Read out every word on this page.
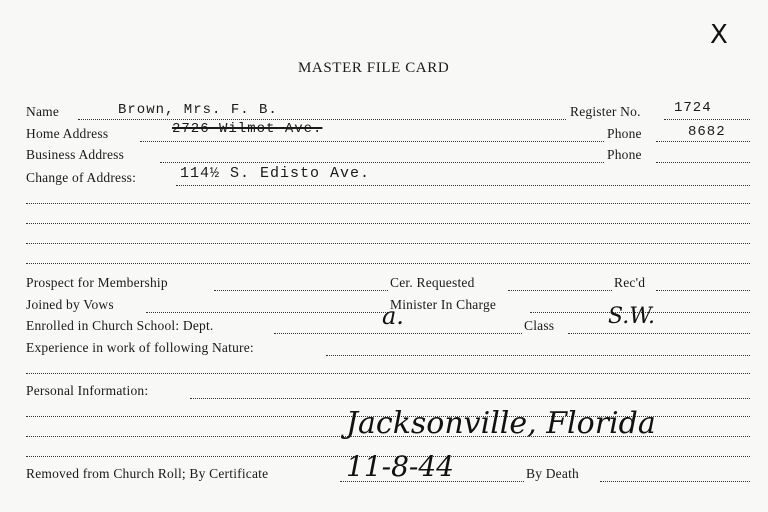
X
MASTER FILE CARD
Name	Brown, Mrs. F. B.	Register No. 1724
Home Address	2726 Wilmot Ave.	Phone	8682
Business Address	Phone
Change of Address:	114½ S. Edisto Ave.
Prospect for Membership	Cer. Requested	Rec'd
Joined by Vows	Minister In Charge
Enrolled in Church School: Dept.	a.	Class S.W.
Experience in work of following Nature:
Personal Information:
Jacksonville, Florida
Removed from Church Roll; By Certificate	11-8-44	By Death
